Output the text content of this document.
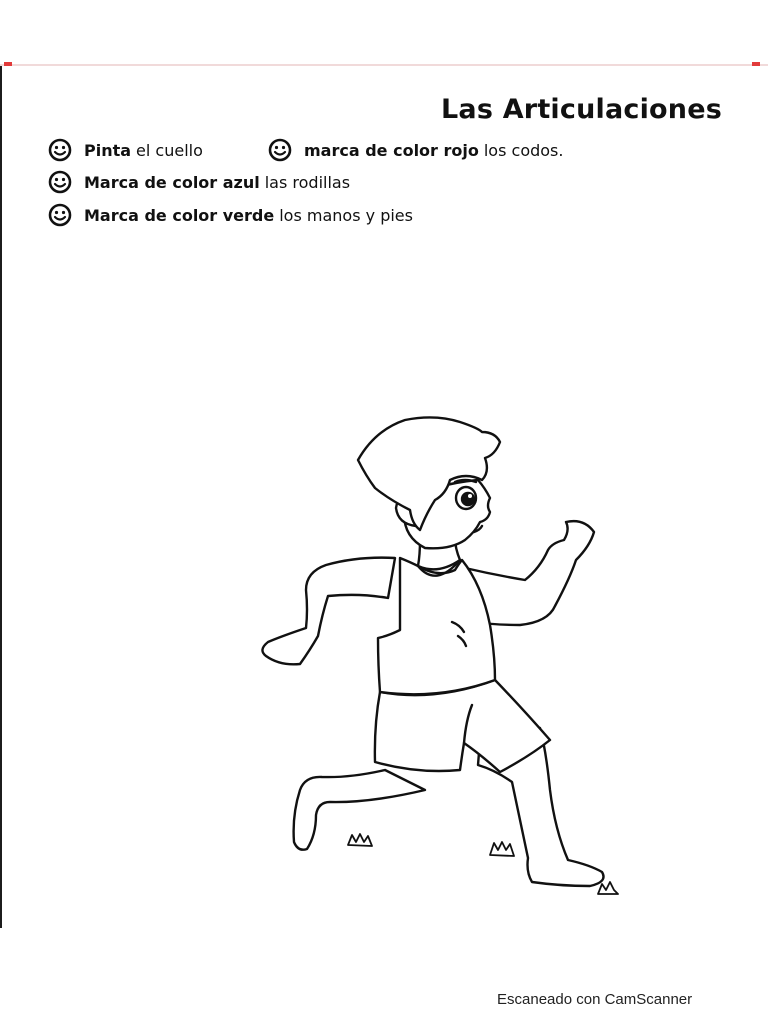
Las Articulaciones
Pinta el cuello	marca de color rojo los codos.
Marca de color azul las rodillas
Marca de color verde los manos y pies
Escaneado con CamScanner
